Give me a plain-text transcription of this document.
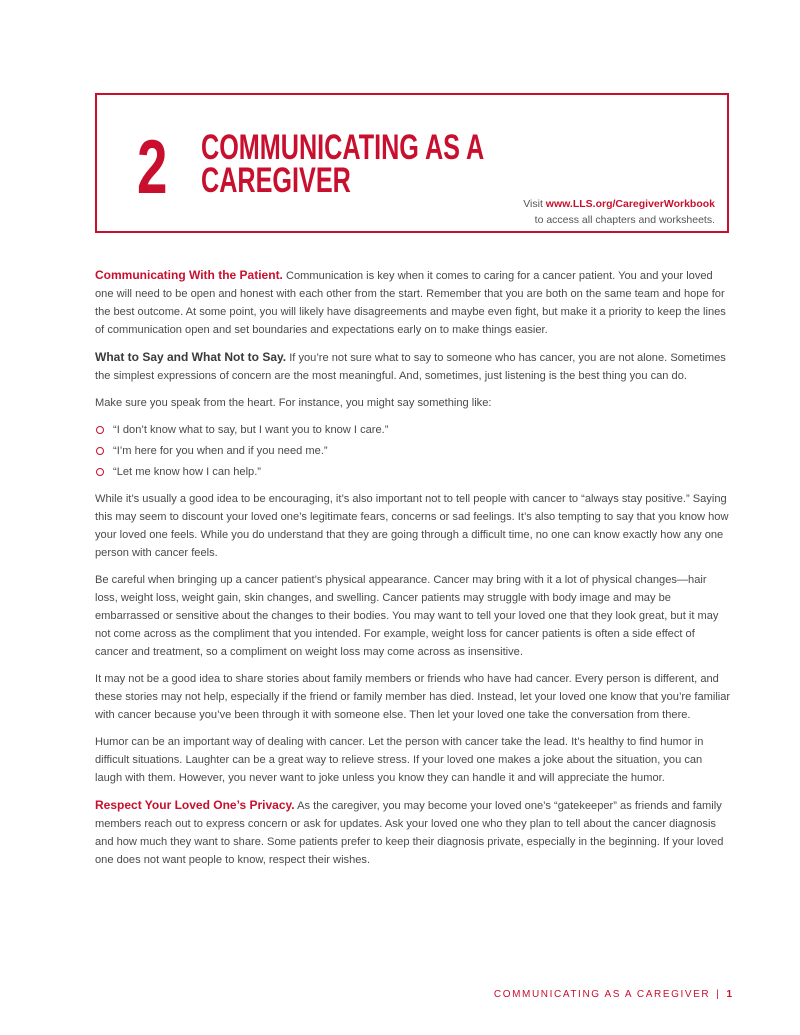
2 COMMUNICATING AS A
CAREGIVER
Visit www.LLS.org/CaregiverWorkbook
to access all chapters and worksheets.

Communicating With the Patient. Communication is key when it comes to caring for a cancer patient. You and your loved one will need to be open and honest with each other from the start. Remember that you are both on the same team and hope for the best outcome. At some point, you will likely have disagreements and maybe even fight, but make it a priority to keep the lines of communication open and set boundaries and expectations early on to make things easier.

What to Say and What Not to Say. If you’re not sure what to say to someone who has cancer, you are not alone. Sometimes the simplest expressions of concern are the most meaningful. And, sometimes, just listening is the best thing you can do.

Make sure you speak from the heart. For instance, you might say something like:

“I don’t know what to say, but I want you to know I care.”
“I’m here for you when and if you need me.”
“Let me know how I can help.”

While it’s usually a good idea to be encouraging, it’s also important not to tell people with cancer to “always stay positive.” Saying this may seem to discount your loved one’s legitimate fears, concerns or sad feelings. It’s also tempting to say that you know how your loved one feels. While you do understand that they are going through a difficult time, no one can know exactly how any one person with cancer feels.

Be careful when bringing up a cancer patient’s physical appearance. Cancer may bring with it a lot of physical changes—hair loss, weight loss, weight gain, skin changes, and swelling. Cancer patients may struggle with body image and may be embarrassed or sensitive about the changes to their bodies. You may want to tell your loved one that they look great, but it may not come across as the compliment that you intended. For example, weight loss for cancer patients is often a side effect of cancer and treatment, so a compliment on weight loss may come across as insensitive.

It may not be a good idea to share stories about family members or friends who have had cancer. Every person is different, and these stories may not help, especially if the friend or family member has died. Instead, let your loved one know that you’re familiar with cancer because you’ve been through it with someone else. Then let your loved one take the conversation from there.

Humor can be an important way of dealing with cancer. Let the person with cancer take the lead. It’s healthy to find humor in difficult situations. Laughter can be a great way to relieve stress. If your loved one makes a joke about the situation, you can laugh with them. However, you never want to joke unless you know they can handle it and will appreciate the humor.

Respect Your Loved One’s Privacy. As the caregiver, you may become your loved one’s “gatekeeper” as friends and family members reach out to express concern or ask for updates. Ask your loved one who they plan to tell about the cancer diagnosis and how much they want to share. Some patients prefer to keep their diagnosis private, especially in the beginning. If your loved one does not want people to know, respect their wishes.

COMMUNICATING AS A CAREGIVER | 1
